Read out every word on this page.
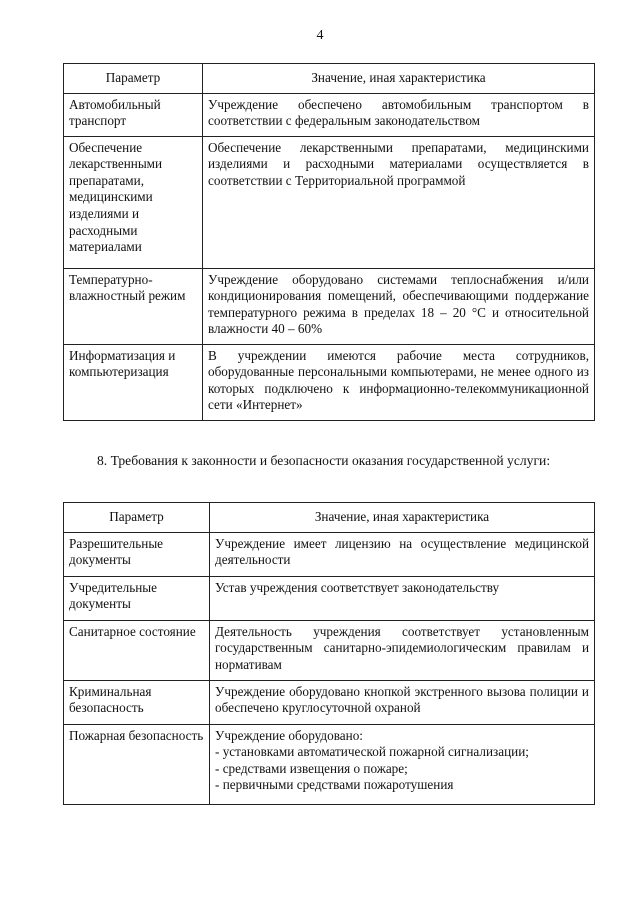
4
Параметр	Значение, иная характеристика
Автомобильный транспорт	Учреждение обеспечено автомобильным транспортом в соответствии с федеральным законодательством
Обеспечение лекарственными препаратами, медицинскими изделиями и расходными материалами	Обеспечение лекарственными препаратами, медицинскими изделиями и расходными материалами осуществляется в соответствии с Территориальной программой
Температурно-влажностный режим	Учреждение оборудовано системами теплоснабжения и/или кондиционирования помещений, обеспечивающими поддержание температурного режима в пределах 18 – 20 °С и относительной влажности 40 – 60%
Информатизация и компьютеризация	В учреждении имеются рабочие места сотрудников, оборудованные персональными компьютерами, не менее одного из которых подключено к информационно-телекоммуникационной сети «Интернет»
8. Требования к законности и безопасности оказания государственной услуги:
Параметр	Значение, иная характеристика
Разрешительные документы	Учреждение имеет лицензию на осуществление медицинской деятельности
Учредительные документы	Устав учреждения соответствует законодательству
Санитарное состояние	Деятельность учреждения соответствует установленным государственным санитарно-эпидемиологическим правилам и нормативам
Криминальная безопасность	Учреждение оборудовано кнопкой экстренного вызова полиции и обеспечено круглосуточной охраной
Пожарная безопасность	Учреждение оборудовано:
- установками автоматической пожарной сигнализации;
- средствами извещения о пожаре;
- первичными средствами пожаротушения
